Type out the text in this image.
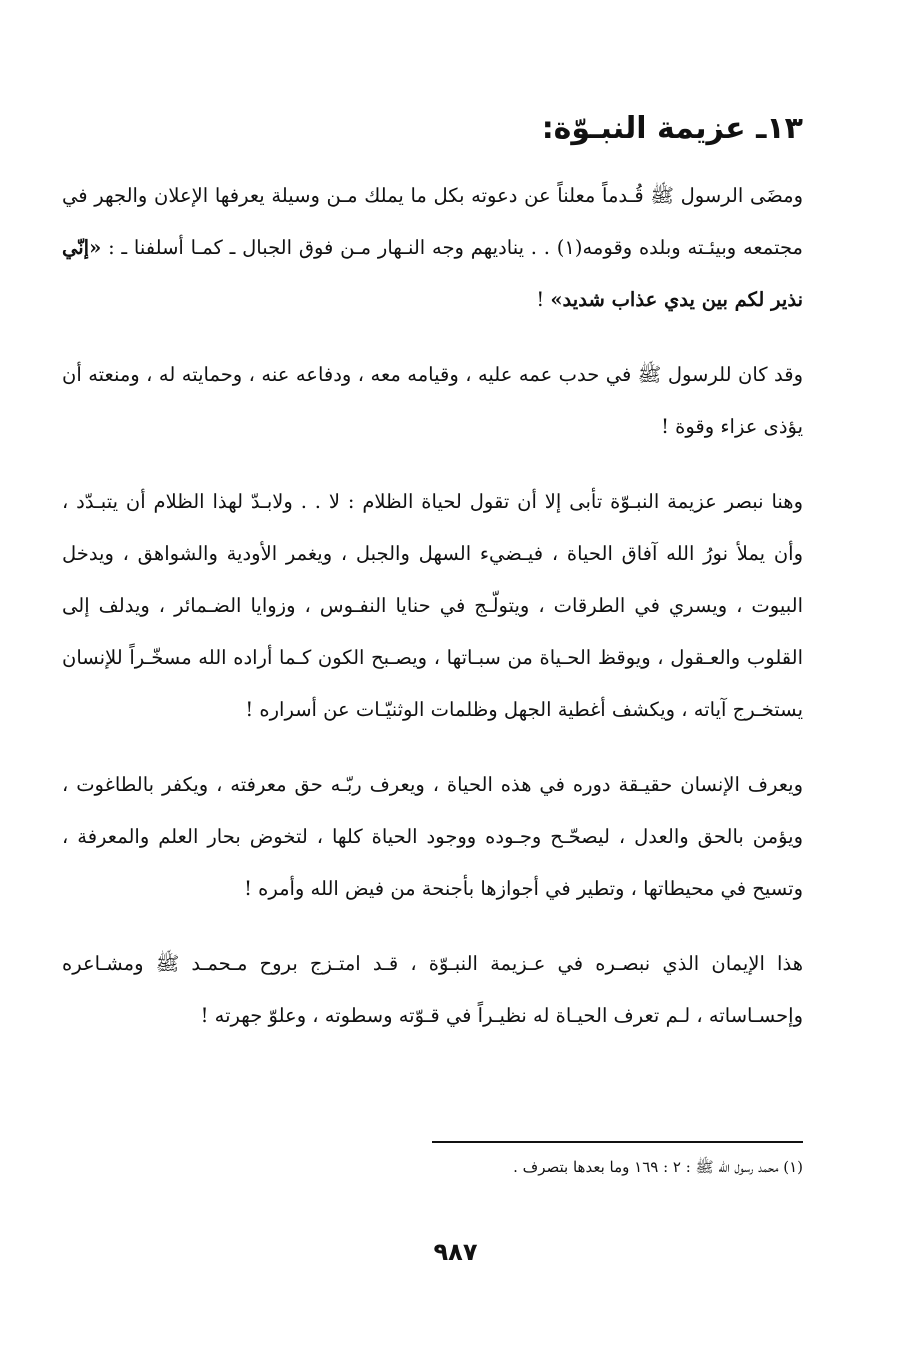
١٣ـ عزيمة النبـوّة:

ومضَى الرسول ﷺ قُـدماً معلناً عن دعوته بكل ما يملك مـن وسيلة يعرفها الإعلان والجهر في مجتمعه وبيئـته وبلده وقومه(١) . . يناديهم وجه النـهار مـن فوق الجبال ـ كمـا أسلفنا ـ : «إنّي نذير لكم بين يدي عذاب شديد» !

وقد كان للرسول ﷺ في حدب عمه عليه ، وقيامه معه ، ودفاعه عنه ، وحمايته له ، ومنعته أن يؤذى عزاء وقوة !

وهنا نبصر عزيمة النبـوّة تأبى إلا أن تقول لحياة الظلام : لا . . ولابـدّ لهذا الظلام أن يتبـدّد ، وأن يملأ نورُ الله آفاق الحياة ، فيـضيء السهل والجبل ، ويغمر الأودية والشواهق ، ويدخل البيوت ، ويسري في الطرقات ، ويتولّـج في حنايا النفـوس ، وزوايا الضـمائر ، ويدلف إلى القلوب والعـقول ، ويوقظ الحـياة من سبـاتها ، ويصـبح الكون كـما أراده الله مسخّـراً للإنسان يستخـرج آياته ، ويكشف أغطية الجهل وظلمات الوثنيّـات عن أسراره !

ويعرف الإنسان حقيـقة دوره في هذه الحياة ، ويعرف ربّـه حق معرفته ، ويكفر بالطاغوت ، ويؤمن بالحق والعدل ، ليصحّـح وجـوده ووجود الحياة كلها ، لتخوض بحار العلم والمعرفة ، وتسيح في محيطاتها ، وتطير في أجوازها بأجنحة من فيض الله وأمره !

هذا الإيمان الذي نبصـره في عـزيمة النبـوّة ، قـد امتـزج بروح مـحمـد ﷺ ومشـاعره وإحسـاساته ، لـم تعرف الحيـاة له نظيـراً في قـوّته وسطوته ، وعلوّ جهرته !

(١) محمد رسول الله ﷺ : ٢ : ١٦٩ وما بعدها بتصرف .

٩٨٧
